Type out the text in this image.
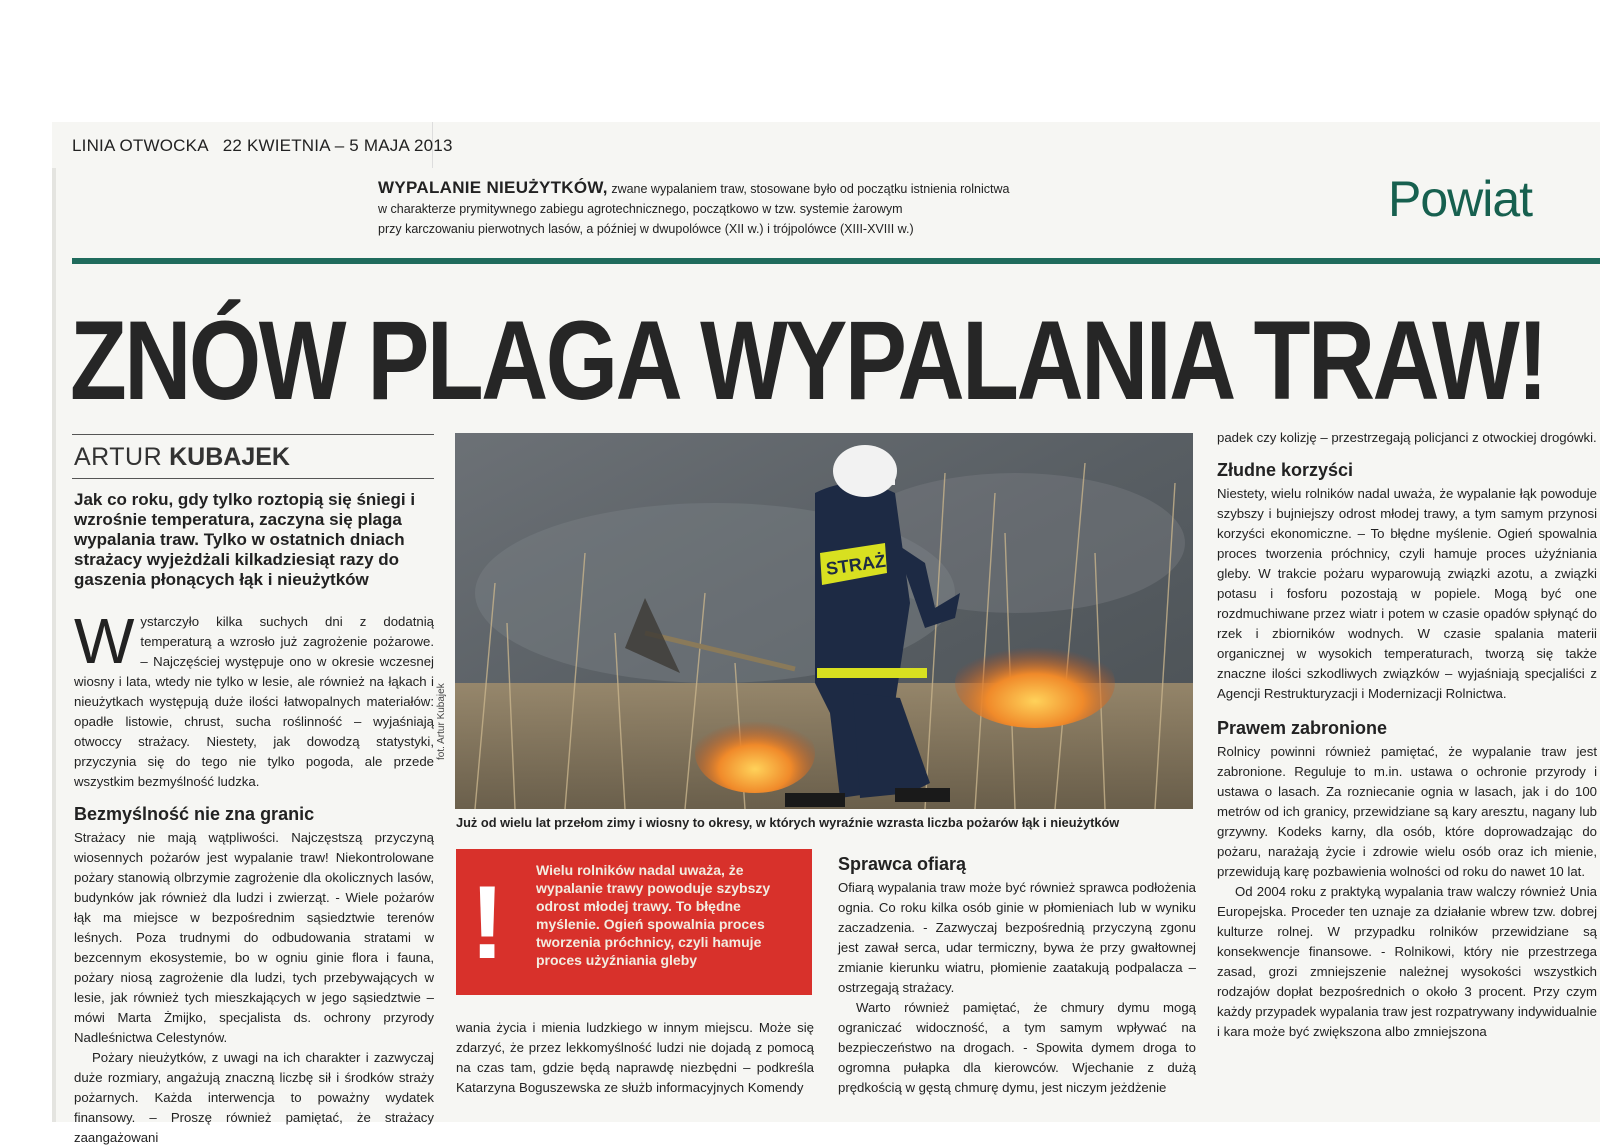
LINIA OTWOCKA 22 KWIETNIA – 5 MAJA 2013
WYPALANIE NIEUŻYTKÓW, zwane wypalaniem traw, stosowane było od początku istnienia rolnictwa
w charakterze prymitywnego zabiegu agrotechnicznego, początkowo w tzw. systemie żarowym
przy karczowaniu pierwotnych lasów, a później w dwupolówce (XII w.) i trójpolówce (XIII-XVIII w.)
Powiat
ZNÓW PLAGA WYPALANIA TRAW!
ARTUR KUBAJEK
Jak co roku, gdy tylko roztopią się śniegi i wzrośnie temperatura, zaczyna się plaga wypalania traw. Tylko w ostatnich dniach strażacy wyjeżdżali kilkadziesiąt razy do gaszenia płonących łąk i nieużytków
W ystarczyło kilka suchych dni z dodatnią temperaturą a wzrosło już zagrożenie pożarowe. – Najczęściej występuje ono w okresie wczesnej wiosny i lata, wtedy nie tylko w lesie, ale również na łąkach i nieużytkach występują duże ilości łatwopalnych materiałów: opadłe listowie, chrust, sucha roślinność – wyjaśniają otwoccy strażacy. Niestety, jak dowodzą statystyki, przyczynia się do tego nie tylko pogoda, ale przede wszystkim bezmyślność ludzka.

Bezmyślność nie zna granic

Strażacy nie mają wątpliwości. Najczęstszą przyczyną wiosennych pożarów jest wypalanie traw! Niekontrolowane pożary stanowią olbrzymie zagrożenie dla okolicznych lasów, budynków jak również dla ludzi i zwierząt. - Wiele pożarów łąk ma miejsce w bezpośrednim sąsiedztwie terenów leśnych. Poza trudnymi do odbudowania stratami w bezcennym ekosystemie, bo w ogniu ginie flora i fauna, pożary niosą zagrożenie dla ludzi, tych przebywających w lesie, jak również tych mieszkających w jego sąsiedztwie – mówi Marta Żmijko, specjalista ds. ochrony przyrody Nadleśnictwa Celestynów.

Pożary nieużytków, z uwagi na ich charakter i zazwyczaj duże rozmiary, angażują znaczną liczbę sił i środków straży pożarnych. Każda interwencja to poważny wydatek finansowy. – Proszę również pamiętać, że strażacy zaangażowani

STRAŻ
fot. Artur Kubajek
Już od wielu lat przełom zimy i wiosny to okresy, w których wyraźnie wzrasta liczba pożarów łąk i nieużytków
! Wielu rolników nadal uważa, że wypalanie trawy powoduje szybszy odrost młodej trawy. To błędne myślenie. Ogień spowalnia proces tworzenia próchnicy, czyli hamuje proces użyźniania gleby

wania życia i mienia ludzkiego w innym miejscu. Może się zdarzyć, że przez lekkomyślność ludzi nie dojadą z pomocą na czas tam, gdzie będą naprawdę niezbędni – podkreśla Katarzyna Boguszewska ze służb informacyjnych Komendy

Sprawca ofiarą

Ofiarą wypalania traw może być również sprawca podłożenia ognia. Co roku kilka osób ginie w płomieniach lub w wyniku zaczadzenia. - Zazwyczaj bezpośrednią przyczyną zgonu jest zawał serca, udar termiczny, bywa że przy gwałtownej zmianie kierunku wiatru, płomienie zaatakują podpalacza – ostrzegają strażacy.

Warto również pamiętać, że chmury dymu mogą ograniczać widoczność, a tym samym wpływać na bezpieczeństwo na drogach. - Spowita dymem droga to ogromna pułapka dla kierowców. Wjechanie z dużą prędkością w gęstą chmurę dymu, jest niczym jeżdżenie

padek czy kolizję – przestrzegają policjanci z otwockiej drogówki.

Złudne korzyści

Niestety, wielu rolników nadal uważa, że wypalanie łąk powoduje szybszy i bujniejszy odrost młodej trawy, a tym samym przynosi korzyści ekonomiczne. – To błędne myślenie. Ogień spowalnia proces tworzenia próchnicy, czyli hamuje proces użyźniania gleby. W trakcie pożaru wyparowują związki azotu, a związki potasu i fosforu pozostają w popiele. Mogą być one rozdmuchiwane przez wiatr i potem w czasie opadów spłynąć do rzek i zbiorników wodnych. W czasie spalania materii organicznej w wysokich temperaturach, tworzą się także znaczne ilości szkodliwych związków – wyjaśniają specjaliści z Agencji Restrukturyzacji i Modernizacji Rolnictwa.

Prawem zabronione

Rolnicy powinni również pamiętać, że wypalanie traw jest zabronione. Reguluje to m.in. ustawa o ochronie przyrody i ustawa o lasach. Za rozniecanie ognia w lasach, jak i do 100 metrów od ich granicy, przewidziane są kary aresztu, nagany lub grzywny. Kodeks karny, dla osób, które doprowadzając do pożaru, narażają życie i zdrowie wielu osób oraz ich mienie, przewidują karę pozbawienia wolności od roku do nawet 10 lat.

Od 2004 roku z praktyką wypalania traw walczy również Unia Europejska. Proceder ten uznaje za działanie wbrew tzw. dobrej kulturze rolnej. W przypadku rolników przewidziane są konsekwencje finansowe. - Rolnikowi, który nie przestrzega zasad, grozi zmniejszenie należnej wysokości wszystkich rodzajów dopłat bezpośrednich o około 3 procent. Przy czym każdy przypadek wypalania traw jest rozpatrywany indywidualnie i kara może być zwiększona albo zmniejszona
